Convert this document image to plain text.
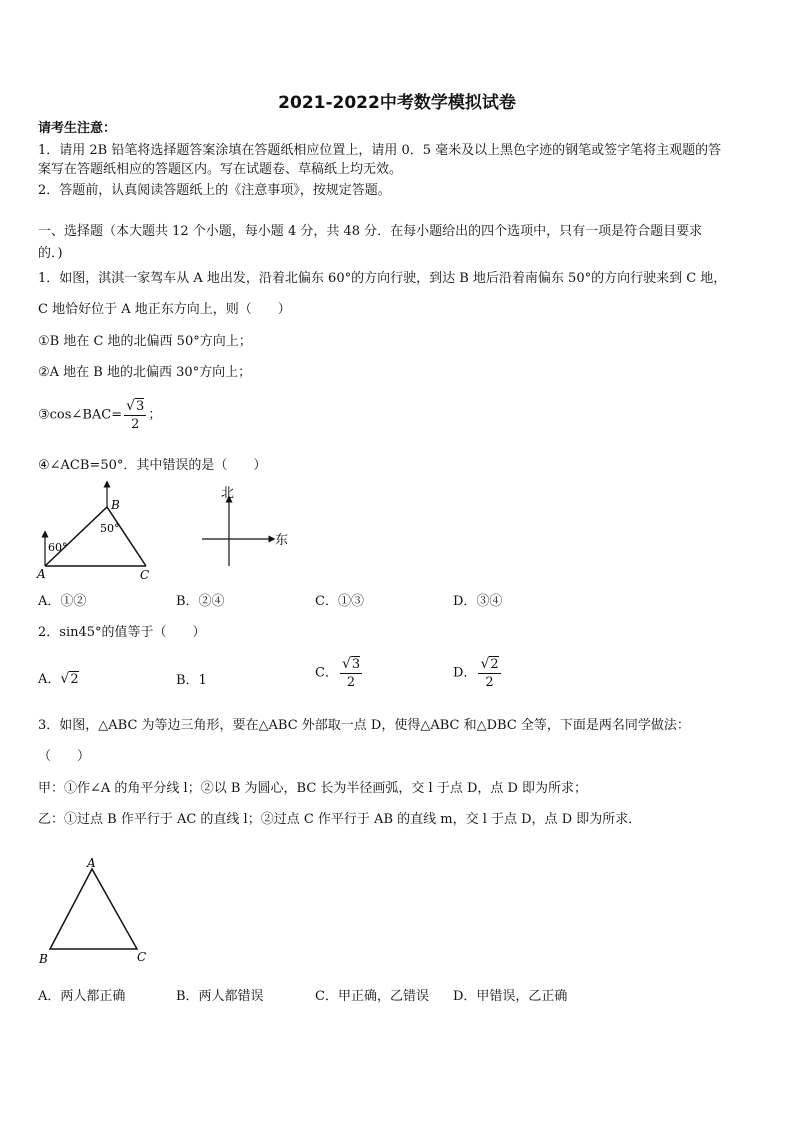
2021-2022中考数学模拟试卷
请考生注意：
1．请用 2B 铅笔将选择题答案涂填在答题纸相应位置上，请用 0．5 毫米及以上黑色字迹的钢笔或签字笔将主观题的答
案写在答题纸相应的答题区内。写在试题卷、草稿纸上均无效。
2．答题前，认真阅读答题纸上的《注意事项》，按规定答题。
一、选择题（本大题共 12 个小题，每小题 4 分，共 48 分．在每小题给出的四个选项中，只有一项是符合题目要求
的．)
1．如图，淇淇一家驾车从 A 地出发，沿着北偏东 60°的方向行驶，到达 B 地后沿着南偏东 50°的方向行驶来到 C 地，
C 地恰好位于 A 地正东方向上，则（　　）
①B 地在 C 地的北偏西 50°方向上；
②A 地在 B 地的北偏西 30°方向上；
③cos∠BAC= $\frac{√3}{2}$ ；
④∠ACB=50°．其中错误的是（　　）
B
A	C
50°
60°
北
东
A．①②	B．②④	C．①③	D．③④
2．sin45°的值等于（　　）
A．√2	B．1	C． $\frac{√3}{2}$	D． $\frac{√2}{2}$
3．如图，△ABC 为等边三角形，要在△ABC 外部取一点 D，使得△ABC 和△DBC 全等，下面是两名同学做法：
（　　）
甲：①作∠A 的角平分线 l；②以 B 为圆心，BC 长为半径画弧，交 l 于点 D，点 D 即为所求；
乙：①过点 B 作平行于 AC 的直线 l；②过点 C 作平行于 AB 的直线 m，交 l 于点 D，点 D 即为所求．
A
B	C
A．两人都正确	B．两人都错误	C．甲正确，乙错误 D．甲错误，乙正确
